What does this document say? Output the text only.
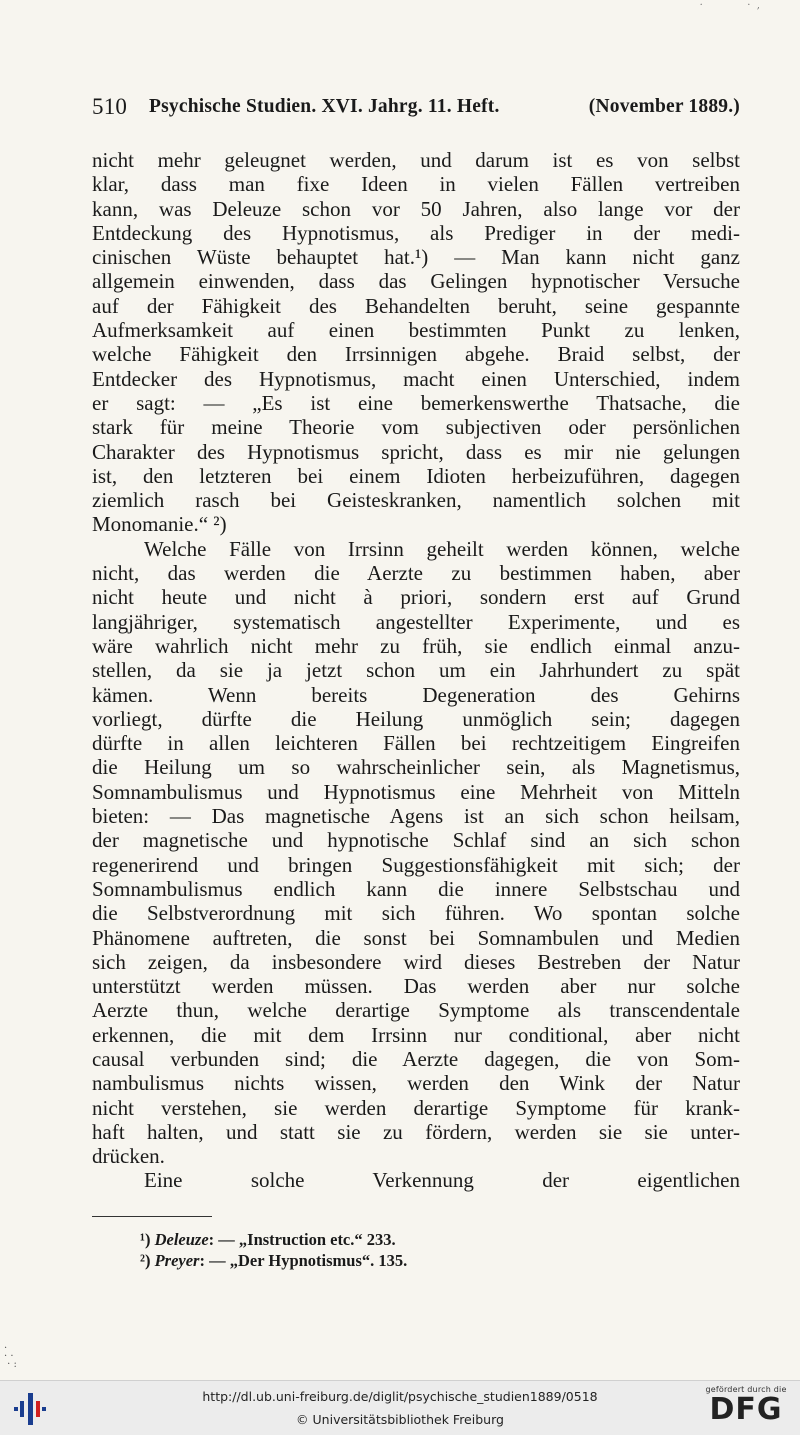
·              ·  ,
510 Psychische Studien. XVI. Jahrg. 11. Heft.	(November 1889.)
nicht mehr geleugnet werden, und darum ist es von selbst
klar, dass man fixe Ideen in vielen Fällen vertreiben
kann, was Deleuze schon vor 50 Jahren, also lange vor der
Entdeckung des Hypnotismus, als Prediger in der medi-
cinischen Wüste behauptet hat.¹) — Man kann nicht ganz
allgemein einwenden, dass das Gelingen hypnotischer Versuche
auf der Fähigkeit des Behandelten beruht, seine gespannte
Aufmerksamkeit auf einen bestimmten Punkt zu lenken,
welche Fähigkeit den Irrsinnigen abgehe. Braid selbst, der
Entdecker des Hypnotismus, macht einen Unterschied, indem
er sagt: — „Es ist eine bemerkenswerthe Thatsache, die
stark für meine Theorie vom subjectiven oder persönlichen
Charakter des Hypnotismus spricht, dass es mir nie gelungen
ist, den letzteren bei einem Idioten herbeizuführen, dagegen
ziemlich rasch bei Geisteskranken, namentlich solchen mit
Monomanie.“ ²)
Welche Fälle von Irrsinn geheilt werden können, welche
nicht, das werden die Aerzte zu bestimmen haben, aber
nicht heute und nicht à priori, sondern erst auf Grund
langjähriger, systematisch angestellter Experimente, und es
wäre wahrlich nicht mehr zu früh, sie endlich einmal anzu-
stellen, da sie ja jetzt schon um ein Jahrhundert zu spät
kämen. Wenn bereits Degeneration des Gehirns
vorliegt, dürfte die Heilung unmöglich sein; dagegen
dürfte in allen leichteren Fällen bei rechtzeitigem Eingreifen
die Heilung um so wahrscheinlicher sein, als Magnetismus,
Somnambulismus und Hypnotismus eine Mehrheit von Mitteln
bieten: — Das magnetische Agens ist an sich schon heilsam,
der magnetische und hypnotische Schlaf sind an sich schon
regenerirend und bringen Suggestionsfähigkeit mit sich; der
Somnambulismus endlich kann die innere Selbstschau und
die Selbstverordnung mit sich führen. Wo spontan solche
Phänomene auftreten, die sonst bei Somnambulen und Medien
sich zeigen, da insbesondere wird dieses Bestreben der Natur
unterstützt werden müssen. Das werden aber nur solche
Aerzte thun, welche derartige Symptome als transcendentale
erkennen, die mit dem Irrsinn nur conditional, aber nicht
causal verbunden sind; die Aerzte dagegen, die von Som-
nambulismus nichts wissen, werden den Wink der Natur
nicht verstehen, sie werden derartige Symptome für krank-
haft halten, und statt sie zu fördern, werden sie sie unter-
drücken.
Eine solche Verkennung der eigentlichen
¹) Deleuze: — „Instruction etc.“ 233.
²) Preyer: — „Der Hypnotismus“. 135.
·
· ·
· :
http://dl.ub.uni-freiburg.de/diglit/psychische_studien1889/0518
© Universitätsbibliothek Freiburg
gefördert durch die
DFG
